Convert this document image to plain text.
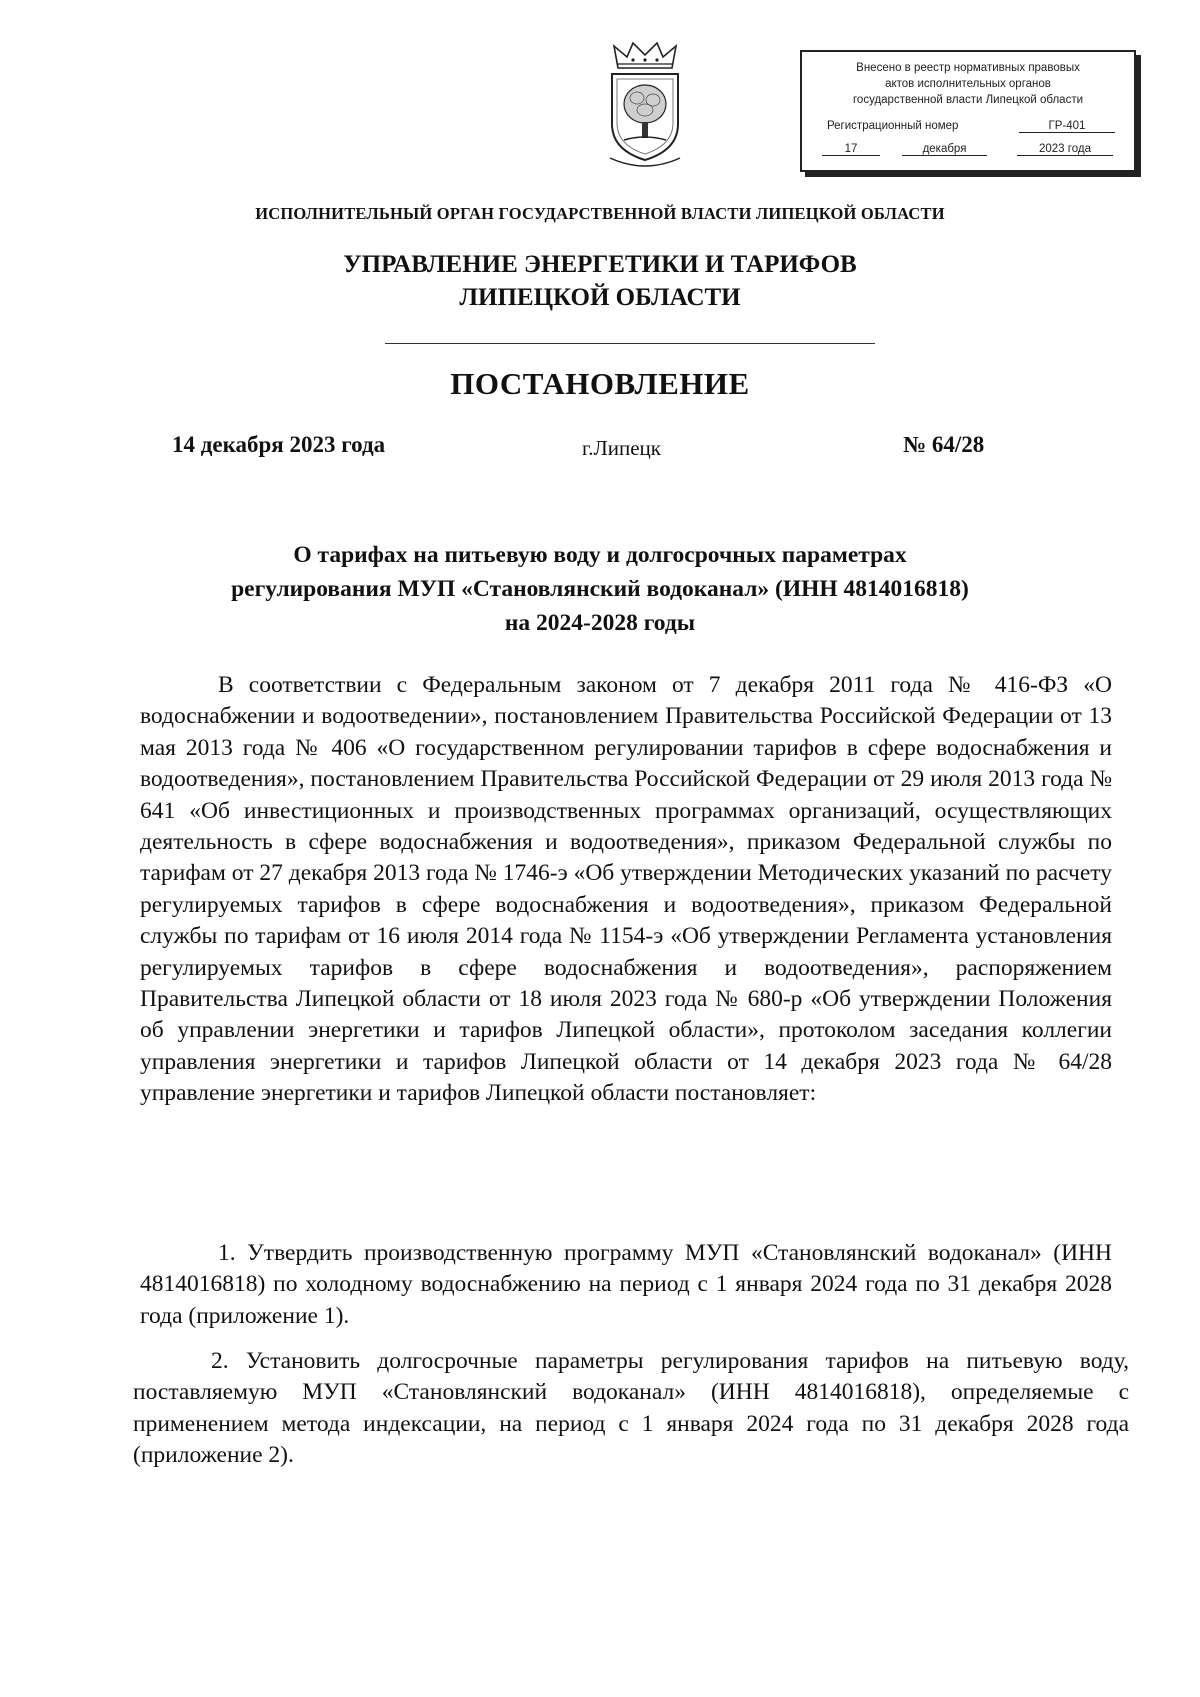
Внесено в реестр нормативных правовых
актов исполнительных органов
государственной власти Липецкой области
Регистрационный номер	ГР-401
17	декабря	2023 года
ИСПОЛНИТЕЛЬНЫЙ ОРГАН ГОСУДАРСТВЕННОЙ ВЛАСТИ ЛИПЕЦКОЙ ОБЛАСТИ
УПРАВЛЕНИЕ ЭНЕРГЕТИКИ И ТАРИФОВ
ЛИПЕЦКОЙ ОБЛАСТИ
ПОСТАНОВЛЕНИЕ
14 декабря 2023 года	г.Липецк	№ 64/28
О тарифах на питьевую воду и долгосрочных параметрах
регулирования МУП «Становлянский водоканал» (ИНН 4814016818)
на 2024-2028 годы
В соответствии с Федеральным законом от 7 декабря 2011 года № 416-ФЗ «О водоснабжении и водоотведении», постановлением Правительства Российской Федерации от 13 мая 2013 года № 406 «О государственном регулировании тарифов в сфере водоснабжения и водоотведения», постановлением Правительства Российской Федерации от 29 июля 2013 года № 641 «Об инвестиционных и производственных программах организаций, осуществляющих деятельность в сфере водоснабжения и водоотведения», приказом Федеральной службы по тарифам от 27 декабря 2013 года № 1746-э «Об утверждении Методических указаний по расчету регулируемых тарифов в сфере водоснабжения и водоотведения», приказом Федеральной службы по тарифам от 16 июля 2014 года № 1154-э «Об утверждении Регламента установления регулируемых тарифов в сфере водоснабжения и водоотведения», распоряжением Правительства Липецкой области от 18 июля 2023 года № 680-р «Об утверждении Положения об управлении энергетики и тарифов Липецкой области», протоколом заседания коллегии управления энергетики и тарифов Липецкой области от 14 декабря 2023 года № 64/28 управление энергетики и тарифов Липецкой области постановляет:
1. Утвердить производственную программу МУП «Становлянский водоканал» (ИНН 4814016818) по холодному водоснабжению на период с 1 января 2024 года по 31 декабря 2028 года (приложение 1).
2. Установить долгосрочные параметры регулирования тарифов на питьевую воду, поставляемую МУП «Становлянский водоканал» (ИНН 4814016818), определяемые с применением метода индексации, на период с 1 января 2024 года по 31 декабря 2028 года (приложение 2).
